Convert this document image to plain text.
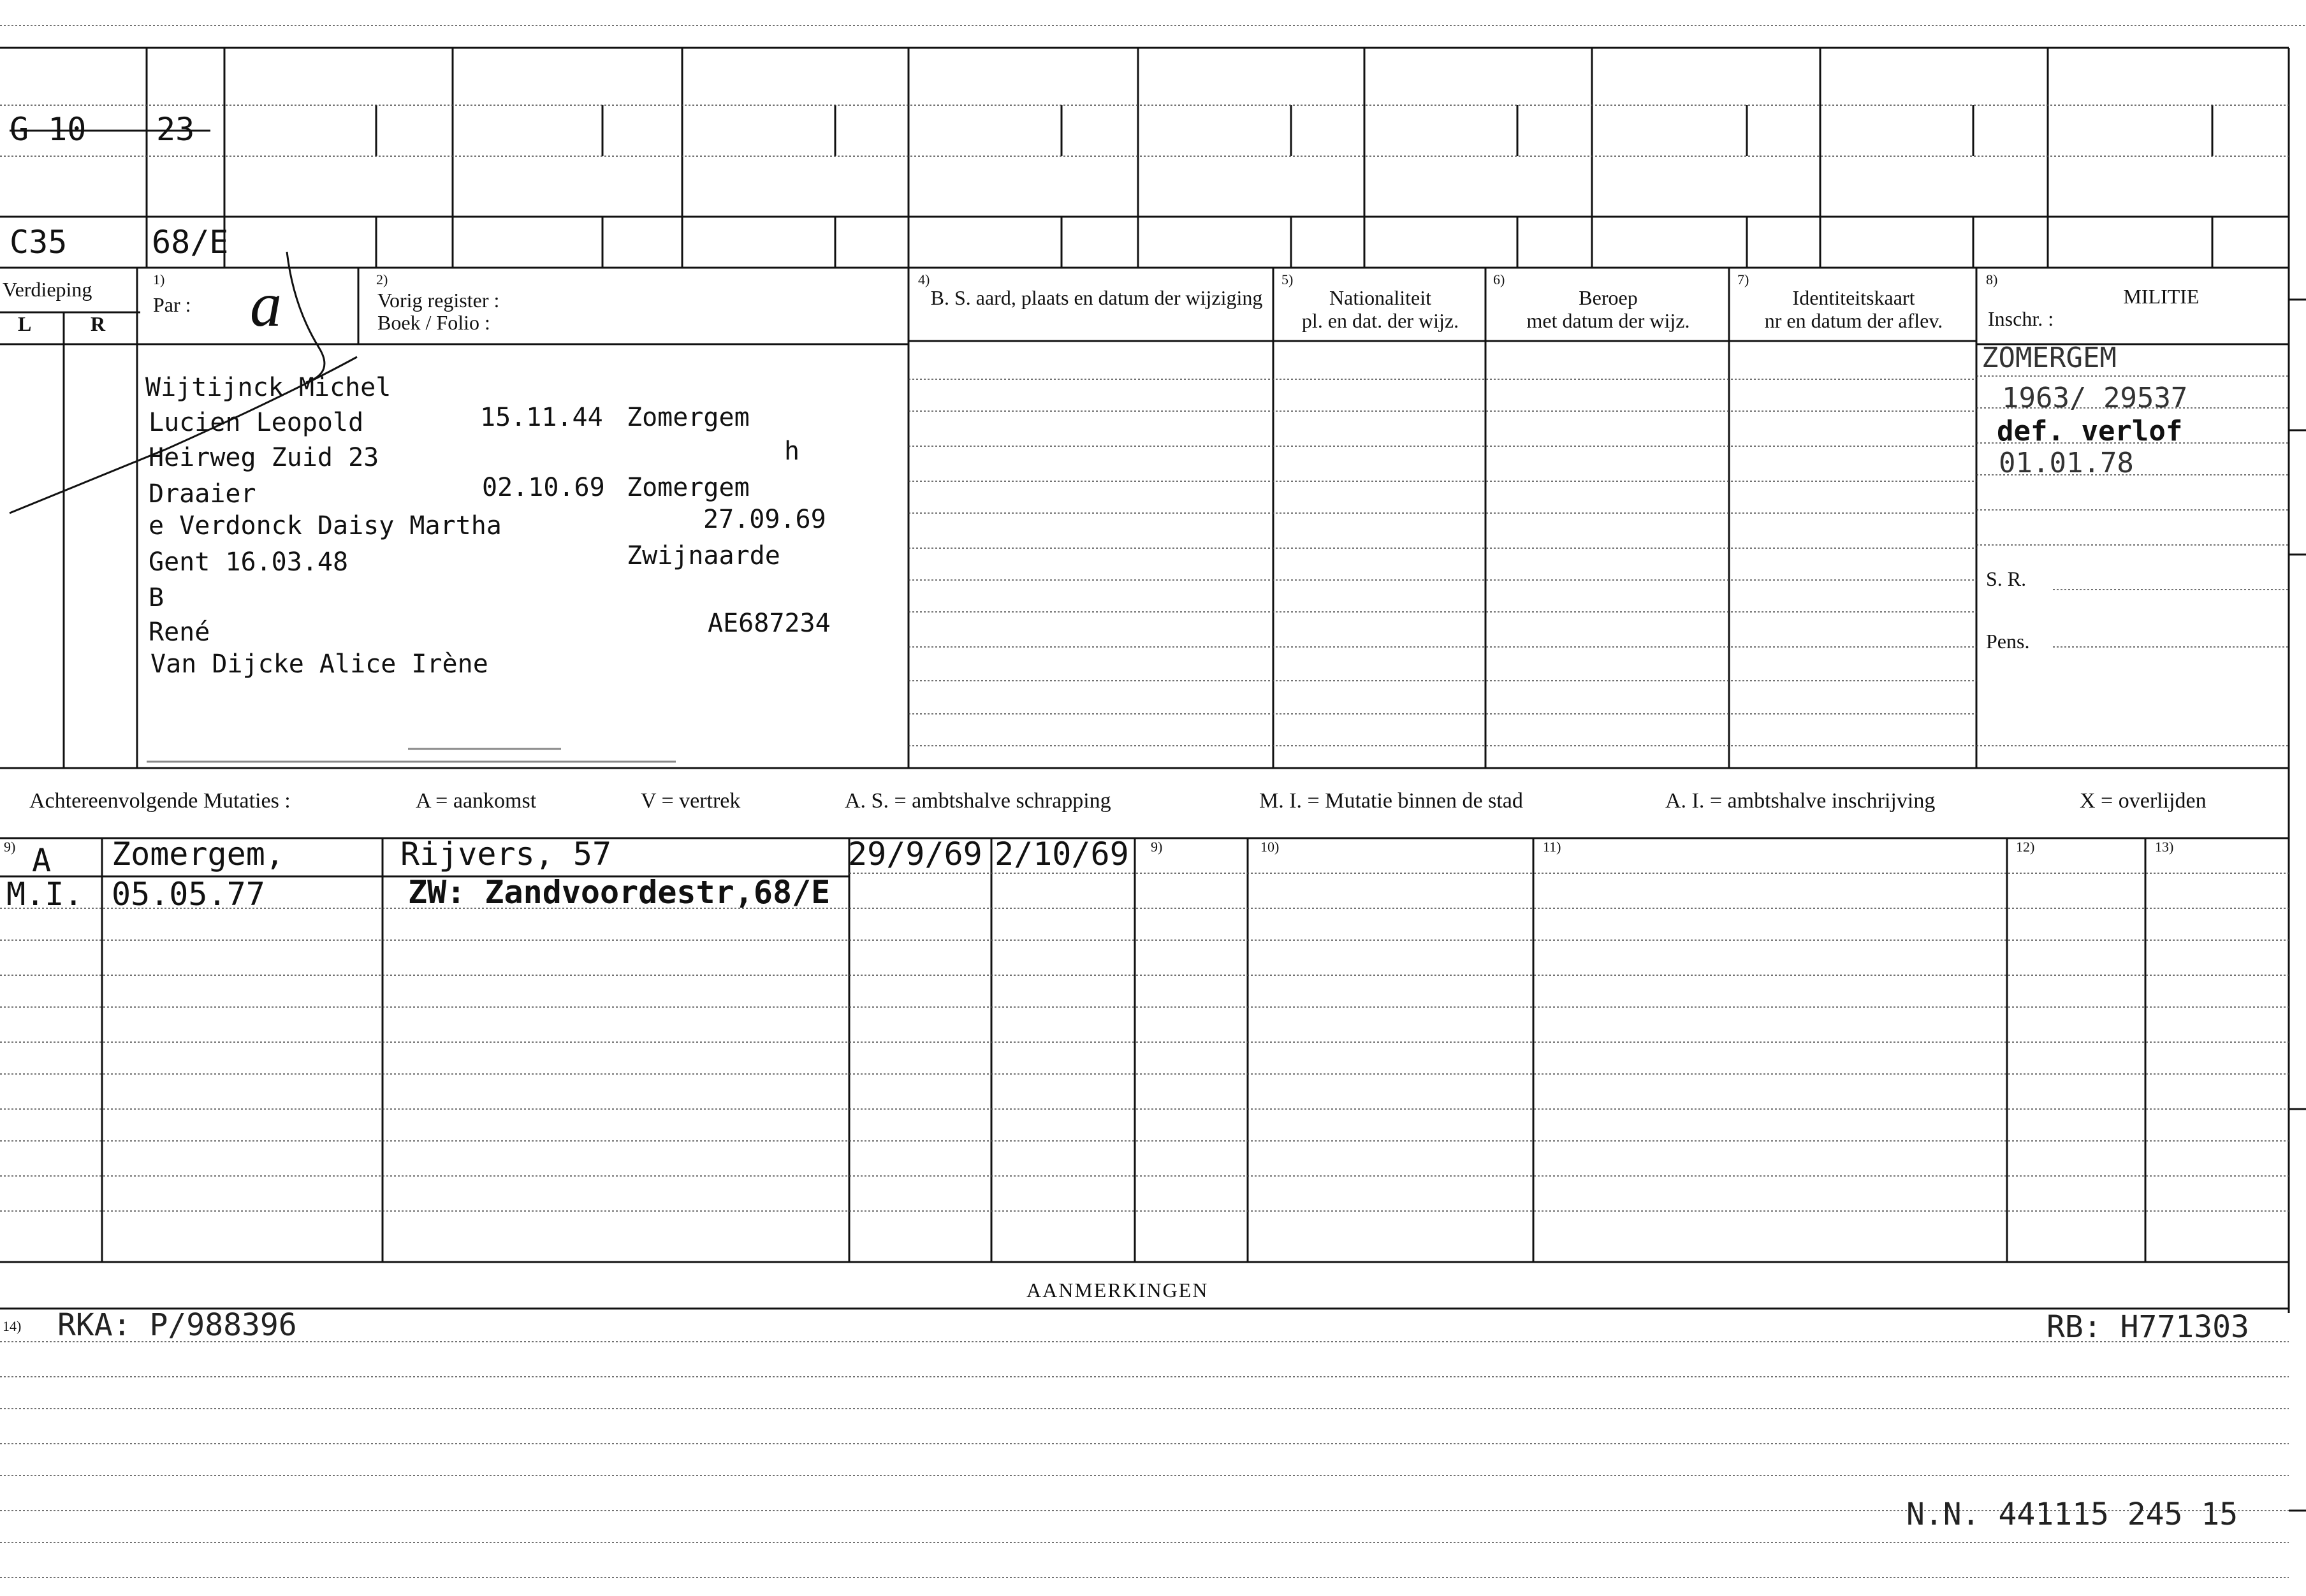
G 10 23
C35	68/E
Verdieping
L	R
1)
Par : a	2)
Vorig register :
Boek / Folio :
4)
B. S. aard, plaats en datum der wijziging
5)
Nationaliteit
pl. en dat. der wijz.
6)
Beroep
met datum der wijz.
7)
Identiteitskaart
nr en datum der aflev.
8)
MILITIE
Inschr. :
S. R.
Pens.
Wijtijnck Michel
Lucien Leopold	15.11.44 Zomergem
Heirweg Zuid 23	h
Draaier	02.10.69 Zomergem
e Verdonck Daisy Martha	27.09.69
Gent 16.03.48	Zwijnaarde
B
René	AE687234
Van Dijcke Alice Irène
ZOMERGEM
1963/ 29537
def. verlof
01.01.78
Achtereenvolgende Mutaties :	A = aankomst	V = vertrek	A. S. = ambtshalve schrapping	M. I. = Mutatie binnen de stad	A. I. = ambtshalve inschrijving	X = overlijden
9)	9)	10)	11)	12)	13)
A Zomergem,	Rijvers, 57	29/9/69 2/10/69
M.I. 05.05.77	ZW: Zandvoordestr,68/E
AANMERKINGEN
14) RKA: P/988396	RB: H771303
N.N. 441115 245 15
